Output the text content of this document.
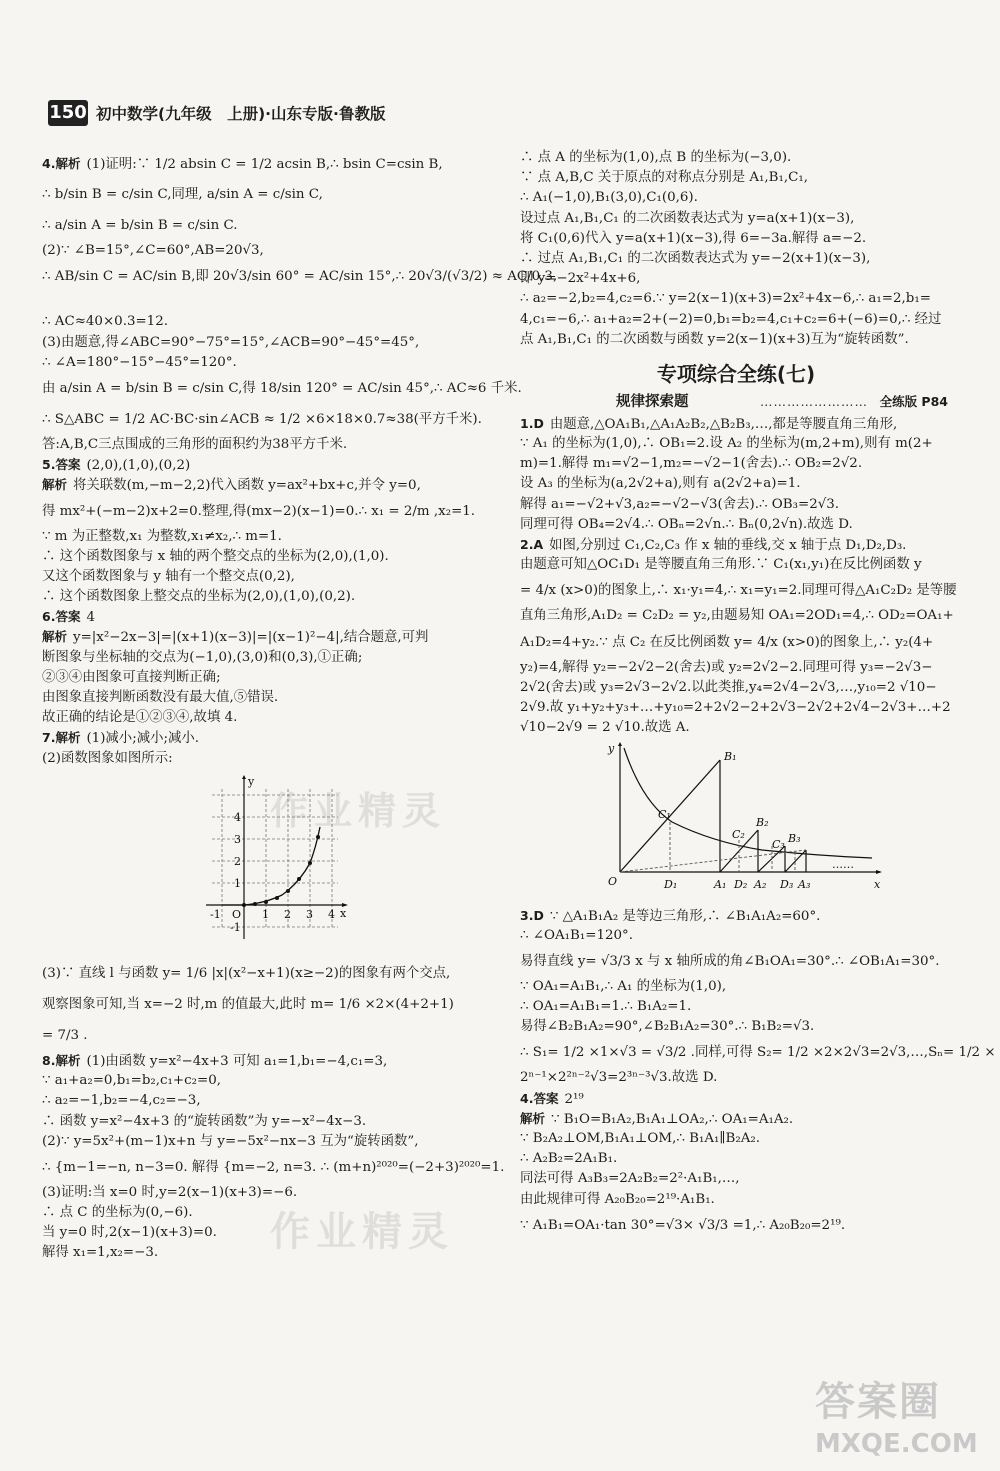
150 初中数学(九年级　上册)·山东专版·鲁教版
4.解析 (1)证明:∵ 1/2 absin C = 1/2 acsin B,∴ bsin C=csin B,
∴ b/sin B = c/sin C,同理, a/sin A = c/sin C,
∴ a/sin A = b/sin B = c/sin C.
(2)∵ ∠B=15°,∠C=60°,AB=20√3,
∴ AB/sin C = AC/sin B,即 20√3/sin 60° = AC/sin 15°,∴ 20√3/(√3/2) ≈ AC/0.3,
∴ AC≈40×0.3=12.
(3)由题意,得∠ABC=90°−75°=15°,∠ACB=90°−45°=45°,
∴ ∠A=180°−15°−45°=120°.
由 a/sin A = b/sin B = c/sin C,得 18/sin 120° = AC/sin 45°,∴ AC≈6 千米.
∴ S△ABC = 1/2 AC·BC·sin∠ACB ≈ 1/2 ×6×18×0.7≈38(平方千米).
答:A,B,C三点围成的三角形的面积约为38平方千米.
5.答案 (2,0),(1,0),(0,2)
解析 将关联数(m,−m−2,2)代入函数 y=ax²+bx+c,并令 y=0,
得 mx²+(−m−2)x+2=0.整理,得(mx−2)(x−1)=0.∴ x₁ = 2/m ,x₂=1.
∵ m 为正整数,x₁ 为整数,x₁≠x₂,∴ m=1.
∴ 这个函数图象与 x 轴的两个整交点的坐标为(2,0),(1,0).
又这个函数图象与 y 轴有一个整交点(0,2),
∴ 这个函数图象上整交点的坐标为(2,0),(1,0),(0,2).
6.答案 4
解析 y=|x²−2x−3|=|(x+1)(x−3)|=|(x−1)²−4|,结合题意,可判
断图象与坐标轴的交点为(−1,0),(3,0)和(0,3),①正确;
②③④由图象可直接判断正确;
由图象直接判断函数没有最大值,⑤错误.
故正确的结论是①②③④,故填 4.
7.解析 (1)减小;减小;减小.
(2)函数图象如图所示:
y
x
-1 O 1 2 3 4
4
3
2
1
-1
(3)∵ 直线 l 与函数 y= 1/6 |x|(x²−x+1)(x≥−2)的图象有两个交点,
观察图象可知,当 x=−2 时,m 的值最大,此时 m= 1/6 ×2×(4+2+1)
= 7/3 .
8.解析 (1)由函数 y=x²−4x+3 可知 a₁=1,b₁=−4,c₁=3,
∵ a₁+a₂=0,b₁=b₂,c₁+c₂=0,
∴ a₂=−1,b₂=−4,c₂=−3,
∴ 函数 y=x²−4x+3 的“旋转函数”为 y=−x²−4x−3.
(2)∵ y=5x²+(m−1)x+n 与 y=−5x²−nx−3 互为“旋转函数”,
∴ {m−1=−n, n−3=0. 解得 {m=−2, n=3. ∴ (m+n)²⁰²⁰=(−2+3)²⁰²⁰=1.
(3)证明:当 x=0 时,y=2(x−1)(x+3)=−6.
∴ 点 C 的坐标为(0,−6).
当 y=0 时,2(x−1)(x+3)=0.
解得 x₁=1,x₂=−3.
∴ 点 A 的坐标为(1,0),点 B 的坐标为(−3,0).
∵ 点 A,B,C 关于原点的对称点分别是 A₁,B₁,C₁,
∴ A₁(−1,0),B₁(3,0),C₁(0,6).
设过点 A₁,B₁,C₁ 的二次函数表达式为 y=a(x+1)(x−3),
将 C₁(0,6)代入 y=a(x+1)(x−3),得 6=−3a.解得 a=−2.
∴ 过点 A₁,B₁,C₁ 的二次函数表达式为 y=−2(x+1)(x−3),
即 y=−2x²+4x+6,
∴ a₂=−2,b₂=4,c₂=6.∵ y=2(x−1)(x+3)=2x²+4x−6,∴ a₁=2,b₁=
4,c₁=−6,∴ a₁+a₂=2+(−2)=0,b₁=b₂=4,c₁+c₂=6+(−6)=0,∴ 经过
点 A₁,B₁,C₁ 的二次函数与函数 y=2(x−1)(x+3)互为“旋转函数”.
专项综合全练(七)
规律探索题	…………………… 全练版 P84
1.D 由题意,△OA₁B₁,△A₁A₂B₂,△B₂B₃,…,都是等腰直角三角形,
∵ A₁ 的坐标为(1,0),∴ OB₁=2.设 A₂ 的坐标为(m,2+m),则有 m(2+
m)=1.解得 m₁=√2−1,m₂=−√2−1(舍去).∴ OB₂=2√2.
设 A₃ 的坐标为(a,2√2+a),则有 a(2√2+a)=1.
解得 a₁=−√2+√3,a₂=−√2−√3(舍去).∴ OB₃=2√3.
同理可得 OB₄=2√4.∴ OBₙ=2√n.∴ Bₙ(0,2√n).故选 D.
2.A 如图,分别过 C₁,C₂,C₃ 作 x 轴的垂线,交 x 轴于点 D₁,D₂,D₃.
由题意可知△OC₁D₁ 是等腰直角三角形.∵ C₁(x₁,y₁)在反比例函数 y
= 4/x (x>0)的图象上,∴ x₁·y₁=4,∴ x₁=y₁=2.同理可得△A₁C₂D₂ 是等腰
直角三角形,A₁D₂ = C₂D₂ = y₂,由题易知 OA₁=2OD₁=4,∴ OD₂=OA₁+
A₁D₂=4+y₂.∵ 点 C₂ 在反比例函数 y= 4/x (x>0)的图象上,∴ y₂(4+
y₂)=4,解得 y₂=−2√2−2(舍去)或 y₂=2√2−2.同理可得 y₃=−2√3−
2√2(舍去)或 y₃=2√3−2√2.以此类推,y₄=2√4−2√3,…,y₁₀=2 √10−
2√9.故 y₁+y₂+y₃+…+y₁₀=2+2√2−2+2√3−2√2+2√4−2√3+…+2
√10−2√9 = 2 √10.故选 A.
y
O	x
B₁
C₁
B₂
C₂	B₃
C₃
D₁	A₁	A₂
D₂	D₃ A₃
……
3.D ∵ △A₁B₁A₂ 是等边三角形,∴ ∠B₁A₁A₂=60°.
∴ ∠OA₁B₁=120°.
易得直线 y= √3/3 x 与 x 轴所成的角∠B₁OA₁=30°.∴ ∠OB₁A₁=30°.
∵ OA₁=A₁B₁,∴ A₁ 的坐标为(1,0),
∴ OA₁=A₁B₁=1.∴ B₁A₂=1.
易得∠B₂B₁A₂=90°,∠B₂B₁A₂=30°.∴ B₁B₂=√3.
∴ S₁= 1/2 ×1×√3 = √3/2 .同样,可得 S₂= 1/2 ×2×2√3=2√3,…,Sₙ= 1/2 ×
2ⁿ⁻¹×2²ⁿ⁻²√3=2³ⁿ⁻³√3.故选 D.
4.答案 2¹⁹
解析 ∵ B₁O=B₁A₂,B₁A₁⊥OA₂,∴ OA₁=A₁A₂.
∵ B₂A₂⊥OM,B₁A₁⊥OM,∴ B₁A₁∥B₂A₂.
∴ A₂B₂=2A₁B₁.
同法可得 A₃B₃=2A₂B₂=2²·A₁B₁,…,
由此规律可得 A₂₀B₂₀=2¹⁹·A₁B₁.
∵ A₁B₁=OA₁·tan 30°=√3× √3/3 =1,∴ A₂₀B₂₀=2¹⁹.
作业精灵
作业精灵
答案圈
MXQE.COM
